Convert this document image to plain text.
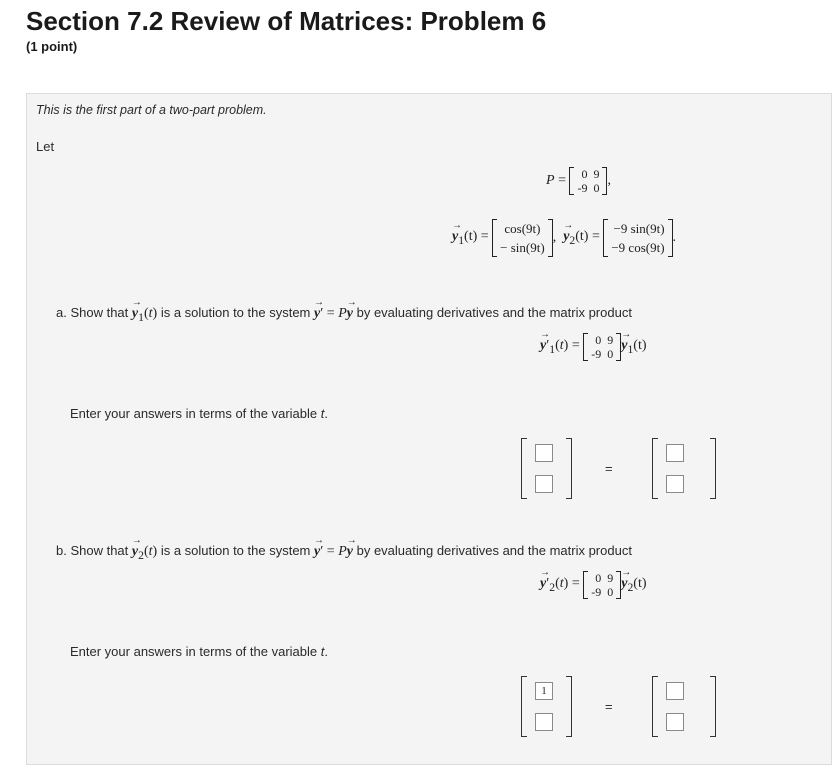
Section 7.2 Review of Matrices: Problem 6
(1 point)
This is the first part of a two-part problem.
Let
P = 0	9
-9	0 ,
→
$y_1(t)$ =
cos(9t)
− sin(9t)
,
→
$y_2(t)$ =
−9 sin(9t)
−9 cos(9t)
.
a. Show that
→
$y_1(t)$ is a solution to the system
→
y′ = P
→
y by evaluating derivatives and the matrix product
→
$y'_1(t) = 0$	9
-9	0
→
$y_1(t)$
Enter your answers in terms of the variable t.
=
b. Show that
→
$y_2(t)$ is a solution to the system
→
y′ = P
→
y by evaluating derivatives and the matrix product
→
$y'_2(t) = 0$	9
-9	0
→
$y_2(t)$
Enter your answers in terms of the variable t.
1
=
